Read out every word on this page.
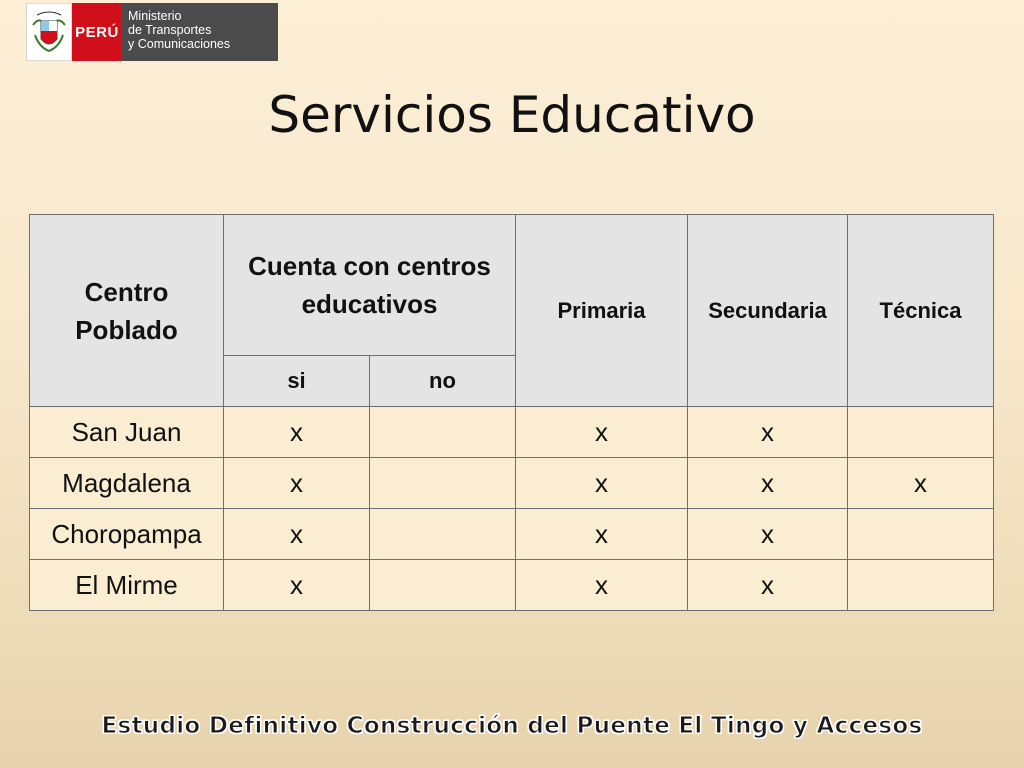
PERÚ
Ministerio
de Transportes
y Comunicaciones
Servicios Educativo
Centro Poblado	Cuenta con centros educativos		Primaria	Secundaria	Técnica
	si	no			
San Juan	x		x	x	
Magdalena	x		x	x	x
Choropampa	x		x	x	
El Mirme	x		x	x	
Estudio Definitivo Construcción del Puente El Tingo y Accesos
